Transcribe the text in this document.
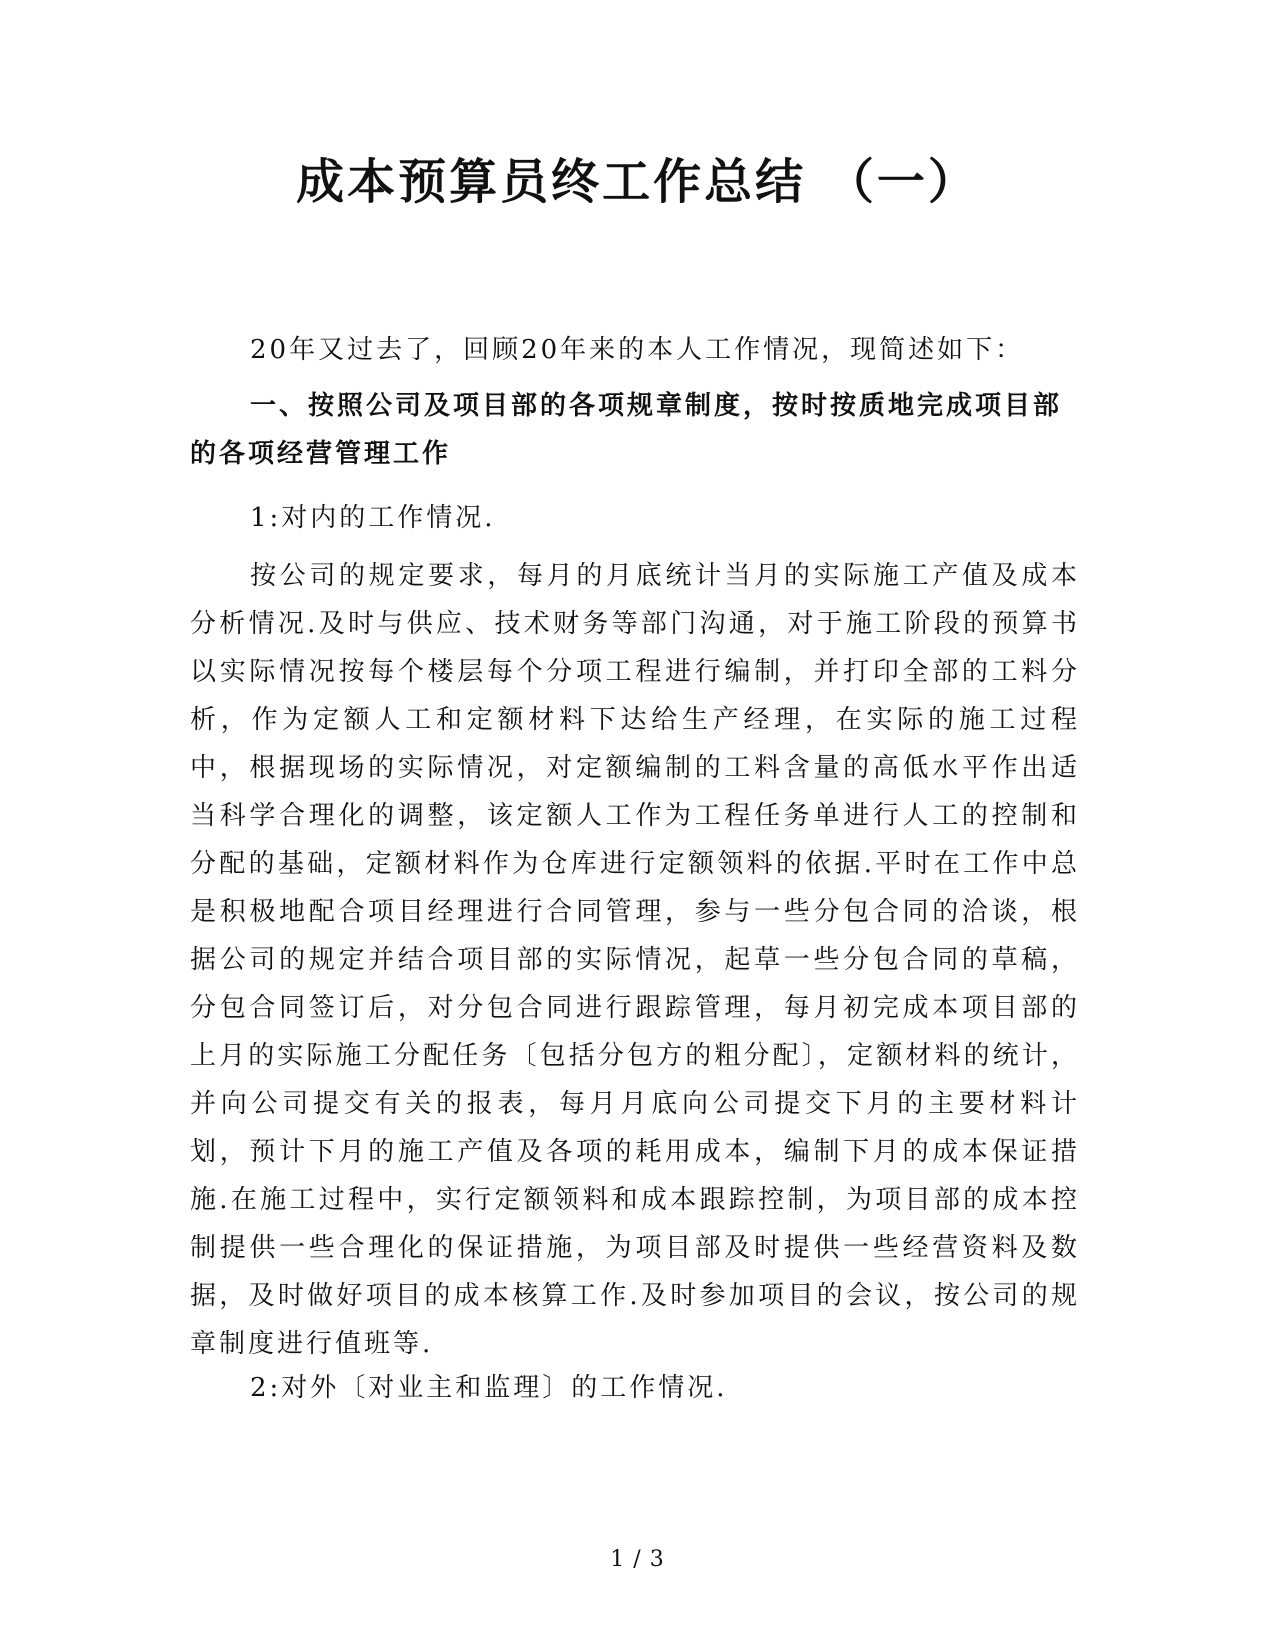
成本预算员终工作总结 （一）

20年又过去了，回顾20年来的本人工作情况，现简述如下：

一、按照公司及项目部的各项规章制度，按时按质地完成项目部的各项经营管理工作

1:对内的工作情况.

按公司的规定要求，每月的月底统计当月的实际施工产值及成本分析情况.及时与供应、技术财务等部门沟通，对于施工阶段的预算书以实际情况按每个楼层每个分项工程进行编制，并打印全部的工料分析，作为定额人工和定额材料下达给生产经理，在实际的施工过程中，根据现场的实际情况，对定额编制的工料含量的高低水平作出适当科学合理化的调整，该定额人工作为工程任务单进行人工的控制和分配的基础，定额材料作为仓库进行定额领料的依据.平时在工作中总是积极地配合项目经理进行合同管理，参与一些分包合同的洽谈，根据公司的规定并结合项目部的实际情况，起草一些分包合同的草稿，分包合同签订后，对分包合同进行跟踪管理，每月初完成本项目部的上月的实际施工分配任务〔包括分包方的粗分配〕，定额材料的统计，并向公司提交有关的报表，每月月底向公司提交下月的主要材料计划，预计下月的施工产值及各项的耗用成本，编制下月的成本保证措施.在施工过程中，实行定额领料和成本跟踪控制，为项目部的成本控制提供一些合理化的保证措施，为项目部及时提供一些经营资料及数据，及时做好项目的成本核算工作.及时参加项目的会议，按公司的规章制度进行值班等.

2:对外〔对业主和监理〕的工作情况.

1 / 3
